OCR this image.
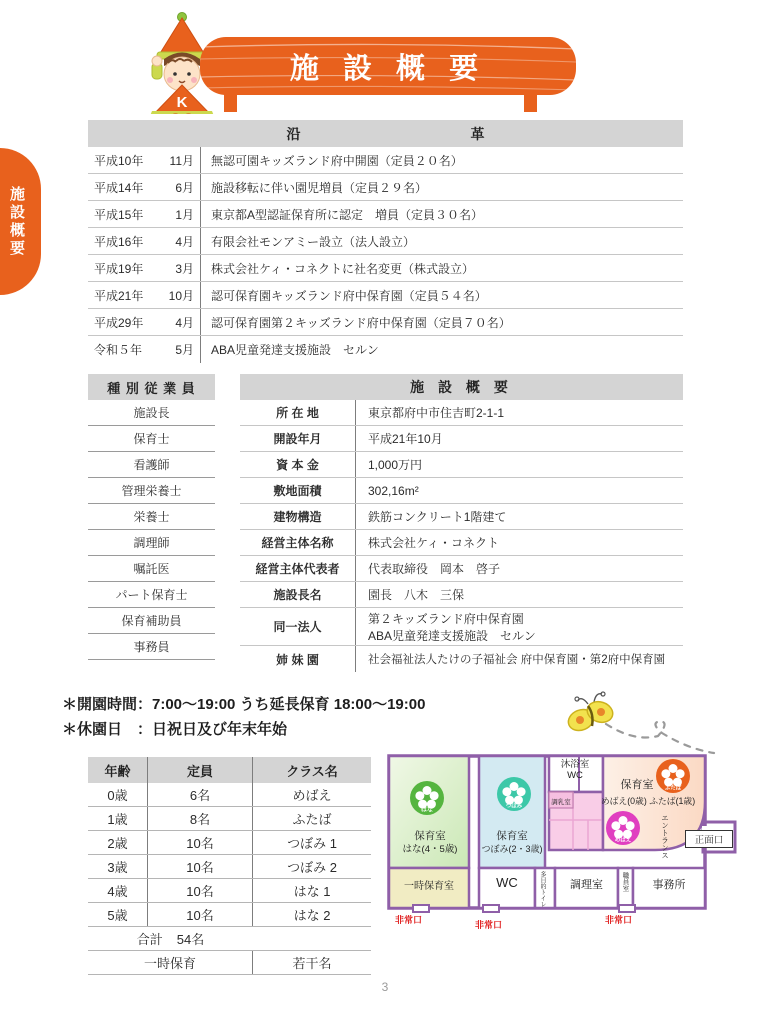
施設概要
K
施 設 概 要
沿	革
平成10年 11月	無認可園キッズランド府中開園（定員２０名）
平成14年	6月	施設移転に伴い園児増員（定員２９名）
平成15年	1月	東京都A型認証保育所に認定　増員（定員３０名）
平成16年	4月	有限会社モンアミー設立（法人設立）
平成19年	3月	株式会社ケィ・コネクトに社名変更（株式設立）
平成21年 10月	認可保育園キッズランド府中保育園（定員５４名）
平成29年	4月	認可保育園第２キッズランド府中保育園（定員７０名）
令和５年	5月	ABA児童発達支援施設　セルン
種 別 従 業 員
施設長
保育士
看護師
管理栄養士
栄養士
調理師
嘱託医
パート保育士
保育補助員
事務員
施 設 概 要
所 在 地	東京都府中市住吉町2-1-1
開設年月	平成21年10月
資 本 金	1,000万円
敷地面積	302,16m²
建物構造	鉄筋コンクリート1階建て
経営主体名称	株式会社ケィ・コネクト
経営主体代表者	代表取締役　岡本　啓子
施設長名	園長　八木　三保
同一法人
第２キッズランド府中保育園
ABA児童発達支援施設　セルン
姉 妹 園	社会福祉法人たけの子福祉会 府中保育園・第2府中保育園
＊開園時間：7:00～19:00 うち延長保育 18:00～19:00
＊休園日　：日祝日及び年末年始
年齢	定員	クラス名
0歳	6名	めばえ
1歳	8名	ふたば
2歳	10名	つぼみ 1
3歳	10名	つぼみ 2
4歳	10名	はな 1
5歳	10名	はな 2
合計 54名
一時保育	若干名
はな
つぼみ
ふたば
めばえ
保育室
はな(4・5歳)
一時保育室
保育室
つぼみ(2・3歳)
沐浴室
WC
調乳室
保育室
めばえ(0歳) ふたば(1歳)
エントランス	正面口
WC	多目的トイレ	調理室	職員室	事務所
非常口	非常口	非常口
3
